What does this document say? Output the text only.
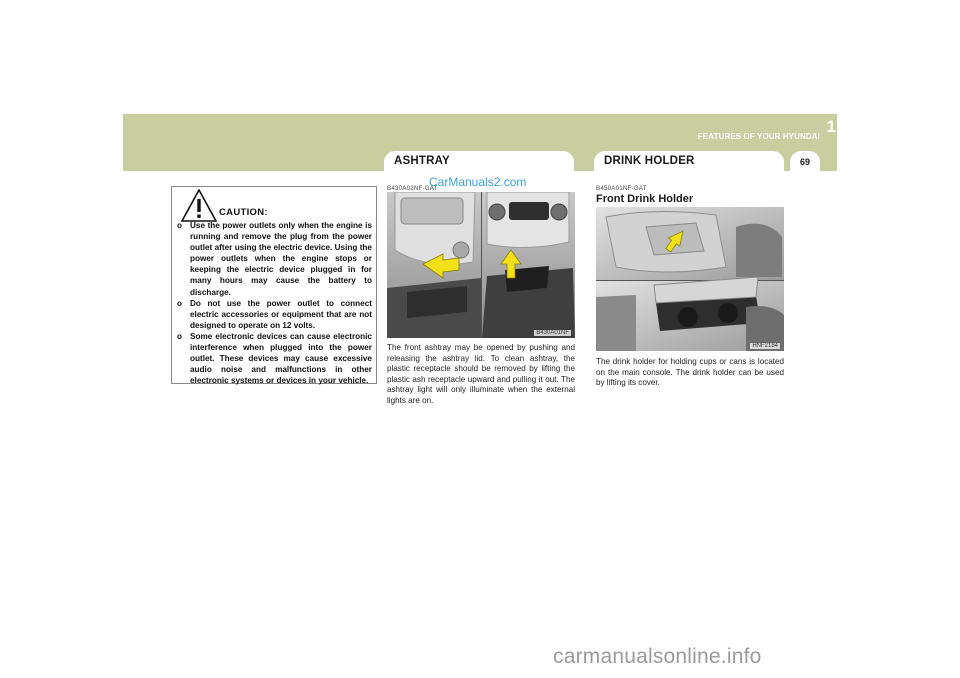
FEATURES OF YOUR HYUNDAI
1
69
ASHTRAY	DRINK HOLDER
CAUTION:
o Use the power outlets only when the engine is running and remove the plug from the power outlet after using the electric device. Using the power outlets when the engine stops or keeping the electric device plugged in for many hours may cause the battery to discharge.
o Do not use the power outlet to connect electric accessories or equipment that are not designed to operate on 12 volts.
o Some electronic devices can cause electronic interference when plugged into the power outlet. These devices may cause excessive audio noise and malfunctions in other electronic systems or devices in your vehicle.
B430A02NF-GAT
CarManuals2.com
B430A01NF
The front ashtray may be opened by pushing and releasing the ashtray lid. To clean ashtray, the plastic receptacle should be removed by lifting the plastic ash receptacle upward and pulling it out. The ashtray light will only illuminate when the external lights are on.
B450A01NF-GAT
Front Drink Holder
HNF2184
The drink holder for holding cups or cans is located on the main console. The drink holder can be used by lifting its cover.
carmanualsonline.info
